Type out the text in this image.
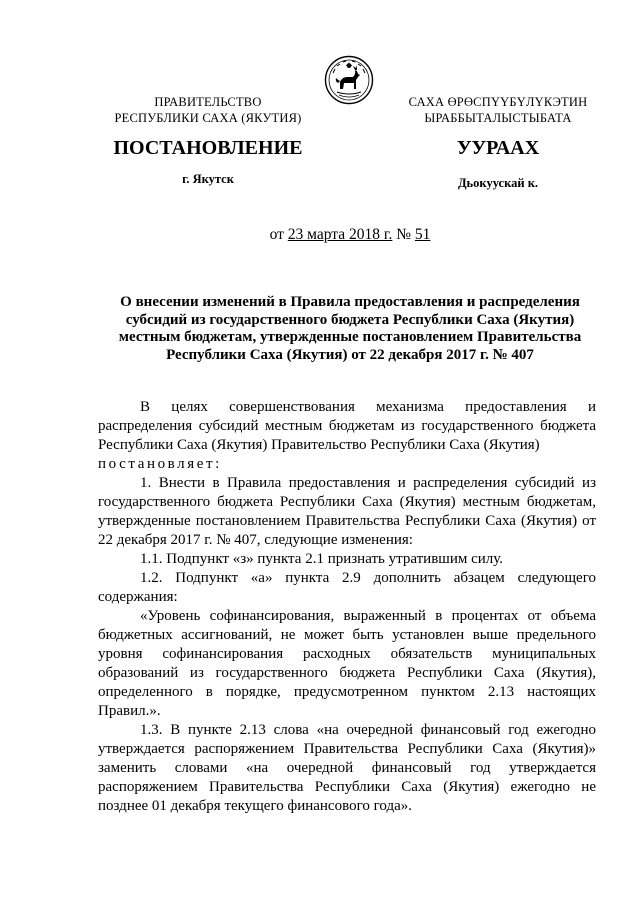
ПРАВИТЕЛЬСТВО
РЕСПУБЛИКИ САХА (ЯКУТИЯ)
САХА ӨРӨСПҮҮБҮЛҮКЭТИН
ЫРАББЫТАЛЫСТЫБАТА
ПОСТАНОВЛЕНИЕ	УУРААХ
г. Якутск	Дьокуускай к.
от 23 марта 2018 г. № 51
О внесении изменений в Правила предоставления и распределения
субсидий из государственного бюджета Республики Саха (Якутия)
местным бюджетам, утвержденные постановлением Правительства
Республики Саха (Якутия) от 22 декабря 2017 г. № 407

В целях совершенствования механизма предоставления и распределения субсидий местным бюджетам из государственного бюджета Республики Саха (Якутия) Правительство Республики Саха (Якутия)

постановляет:

1. Внести в Правила предоставления и распределения субсидий из государственного бюджета Республики Саха (Якутия) местным бюджетам, утвержденные постановлением Правительства Республики Саха (Якутия) от 22 декабря 2017 г. № 407, следующие изменения:

1.1. Подпункт «з» пункта 2.1 признать утратившим силу.

1.2. Подпункт «а» пункта 2.9 дополнить абзацем следующего содержания:

«Уровень софинансирования, выраженный в процентах от объема бюджетных ассигнований, не может быть установлен выше предельного уровня софинансирования расходных обязательств муниципальных образований из государственного бюджета Республики Саха (Якутия), определенного в порядке, предусмотренном пунктом 2.13 настоящих Правил.».

1.3. В пункте 2.13 слова «на очередной финансовый год ежегодно утверждается распоряжением Правительства Республики Саха (Якутия)» заменить словами «на очередной финансовый год утверждается распоряжением Правительства Республики Саха (Якутия) ежегодно не позднее 01 декабря текущего финансового года».
